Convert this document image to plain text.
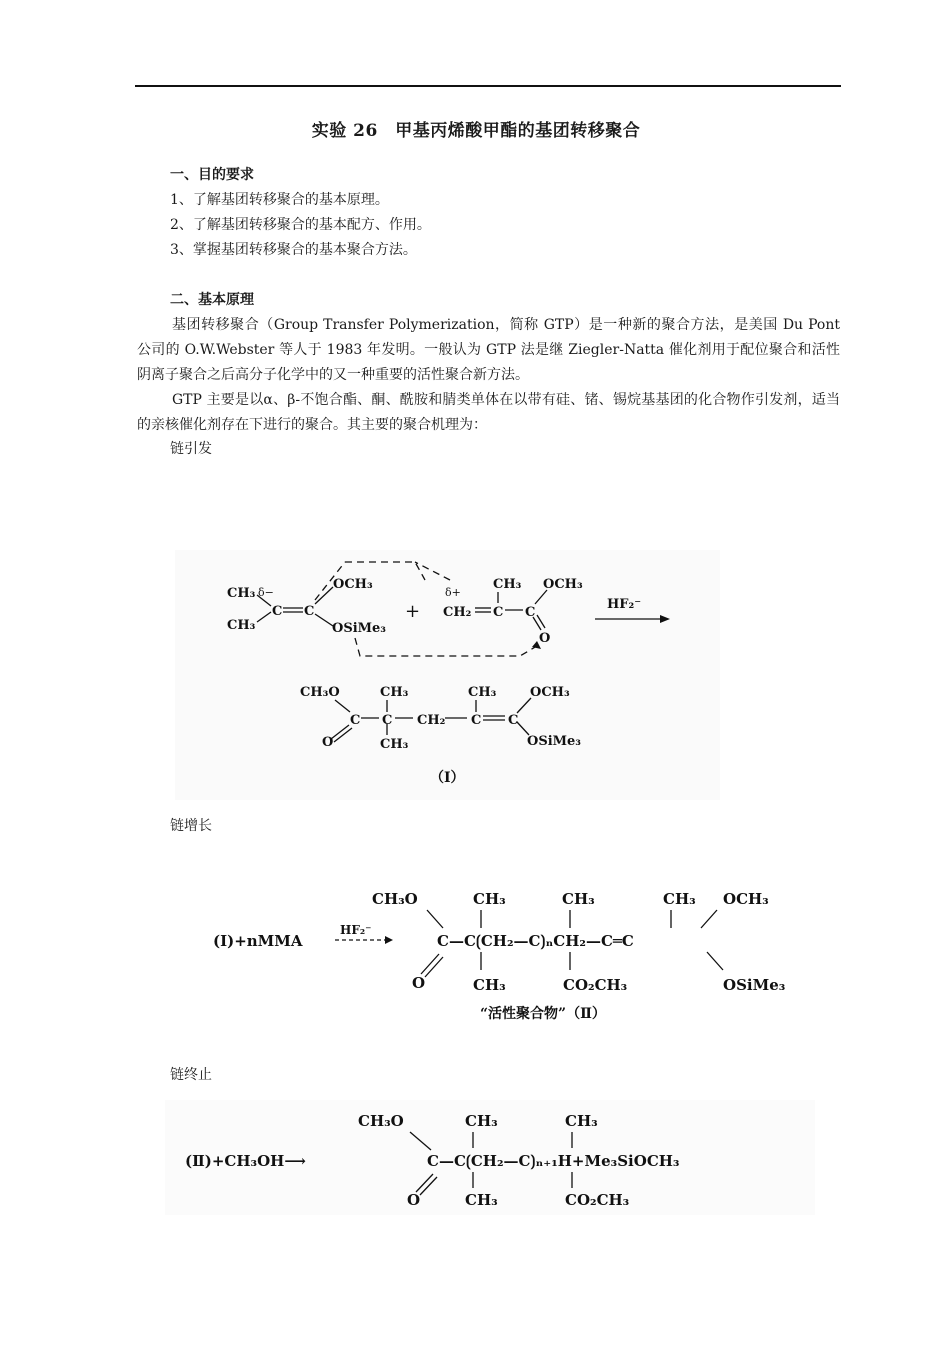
实验 26　甲基丙烯酸甲酯的基团转移聚合
一、目的要求
1、了解基团转移聚合的基本原理。
2、了解基团转移聚合的基本配方、作用。
3、掌握基团转移聚合的基本聚合方法。
二、基本原理
基团转移聚合（Group Transfer Polymerization，简称 GTP）是一种新的聚合方法，是美国 Du Pont 公司的 O.W.Webster 等人于 1983 年发明。一般认为 GTP 法是继 Ziegler-Natta 催化剂用于配位聚合和活性阴离子聚合之后高分子化学中的又一种重要的活性聚合新方法。
GTP 主要是以α、β-不饱合酯、酮、酰胺和腈类单体在以带有硅、锗、锡烷基基团的化合物作引发剂，适当的亲核催化剂存在下进行的聚合。其主要的聚合机理为：
链引发
CH₃
CH₃
δ−
C C
OCH₃
OSiMe₃
+
δ+
CH₂ C C
CH₃ OCH₃
O
HF₂⁻
CH₃O	CH₃	CH₃	OCH₃
C C CH₂ C C
O	CH₃	OSiMe₃
（Ⅰ）
链增长
(Ⅰ)+nMMA
HF₂⁻
CH₃O	CH₃	CH₃	CH₃ OCH₃
C—C⟮CH₂—C⟯ₙCH₂—C═C
O	CH₃	CO₂CH₃	OSiMe₃
“活性聚合物”（Ⅱ）
链终止
(Ⅱ)+CH₃OH⟶
CH₃O	CH₃	CH₃
C—C⟮CH₂—C⟯ₙ₊₁H+Me₃SiOCH₃
O	CH₃	CO₂CH₃
